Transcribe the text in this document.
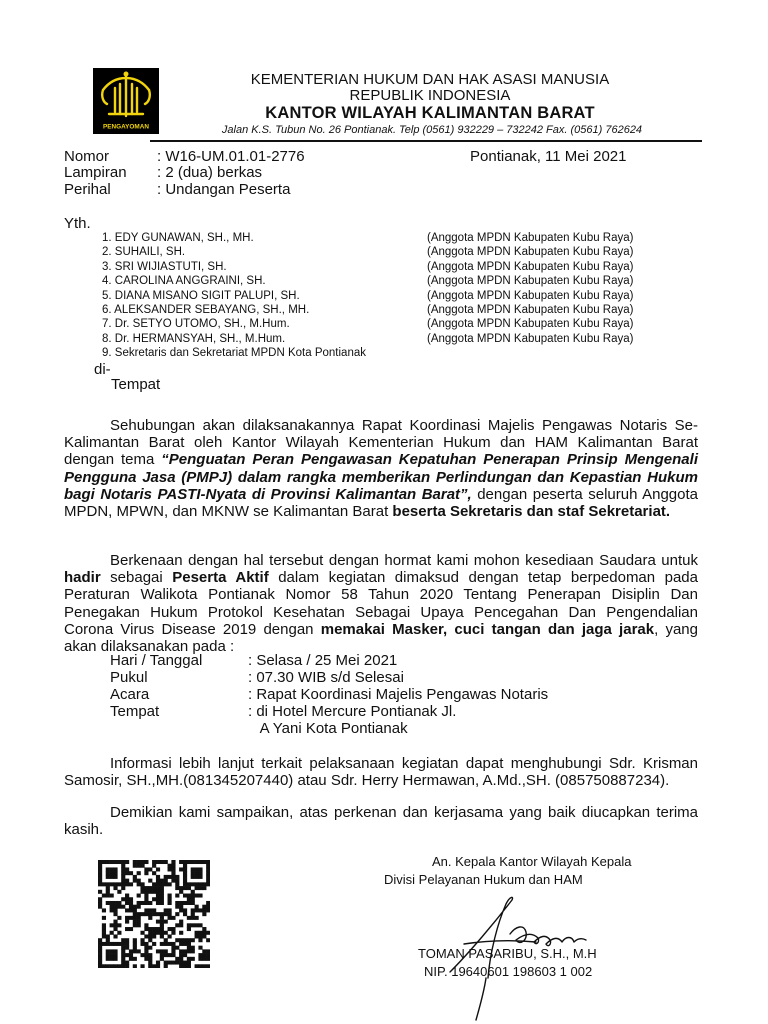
PENGAYOMAN
KEMENTERIAN HUKUM DAN HAK ASASI MANUSIA
REPUBLIK INDONESIA
KANTOR WILAYAH KALIMANTAN BARAT
Jalan K.S. Tubun No. 26 Pontianak. Telp (0561) 932229 – 732242 Fax. (0561) 762624
Nomor	: W16-UM.01.01-2776	Pontianak, 11 Mei 2021
Lampiran : 2 (dua) berkas
Perihal	: Undangan Peserta
Yth.
1. EDY GUNAWAN, SH., MH.	(Anggota MPDN Kabupaten Kubu Raya)
2. SUHAILI, SH.	(Anggota MPDN Kabupaten Kubu Raya)
3. SRI WIJIASTUTI, SH.	(Anggota MPDN Kabupaten Kubu Raya)
4. CAROLINA ANGGRAINI, SH.	(Anggota MPDN Kabupaten Kubu Raya)
5. DIANA MISANO SIGIT PALUPI, SH.	(Anggota MPDN Kabupaten Kubu Raya)
6. ALEKSANDER SEBAYANG, SH., MH.	(Anggota MPDN Kabupaten Kubu Raya)
7. Dr. SETYO UTOMO, SH., M.Hum.	(Anggota MPDN Kabupaten Kubu Raya)
8. Dr. HERMANSYAH, SH., M.Hum.	(Anggota MPDN Kabupaten Kubu Raya)
9. Sekretaris dan Sekretariat MPDN Kota Pontianak
di-
Tempat

Sehubungan akan dilaksanakannya Rapat Koordinasi Majelis Pengawas Notaris Se-Kalimantan Barat oleh Kantor Wilayah Kementerian Hukum dan HAM Kalimantan Barat dengan tema “Penguatan Peran Pengawasan Kepatuhan Penerapan Prinsip Mengenali Pengguna Jasa (PMPJ) dalam rangka memberikan Perlindungan dan Kepastian Hukum bagi Notaris PASTI-Nyata di Provinsi Kalimantan Barat”, dengan peserta seluruh Anggota MPDN, MPWN, dan MKNW se Kalimantan Barat beserta Sekretaris dan staf Sekretariat.

Berkenaan dengan hal tersebut dengan hormat kami mohon kesediaan Saudara untuk hadir sebagai Peserta Aktif dalam kegiatan dimaksud dengan tetap berpedoman pada Peraturan Walikota Pontianak Nomor 58 Tahun 2020 Tentang Penerapan Disiplin Dan Penegakan Hukum Protokol Kesehatan Sebagai Upaya Pencegahan Dan Pengendalian Corona Virus Disease 2019 dengan memakai Masker, cuci tangan dan jaga jarak, yang akan dilaksanakan pada :

Hari / Tanggal	: Selasa / 25 Mei 2021
Pukul	: 07.30 WIB s/d Selesai
Acara	: Rapat Koordinasi Majelis Pengawas Notaris
Tempat	: di Hotel Mercure Pontianak Jl.
A Yani Kota Pontianak

Informasi lebih lanjut terkait pelaksanaan kegiatan dapat menghubungi Sdr. Krisman Samosir, SH.,MH.(081345207440) atau Sdr. Herry Hermawan, A.Md.,SH. (085750887234).

Demikian kami sampaikan, atas perkenan dan kerjasama yang baik diucapkan terima kasih.

An. Kepala Kantor Wilayah Kepala
Divisi Pelayanan Hukum dan HAM
TOMAN PASARIBU, S.H., M.H
NIP. 19640601 198603 1 002
